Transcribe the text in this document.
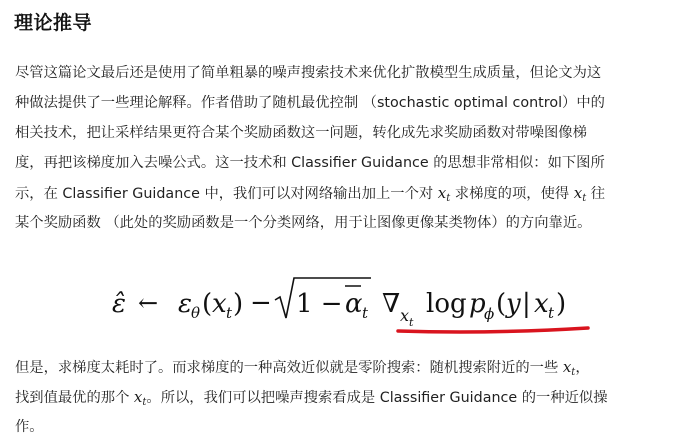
理论推导
尽管这篇论文最后还是使用了简单粗暴的噪声搜索技术来优化扩散模型生成质量，但论文为这
种做法提供了一些理论解释。作者借助了随机最优控制 （stochastic optimal control）中的
相关技术，把让采样结果更符合某个奖励函数这一问题，转化成先求奖励函数对带噪图像梯
度，再把该梯度加入去噪公式。这一技术和 Classifier Guidance 的思想非常相似：如下图所
示，在 Classifier Guidance 中，我们可以对网络输出加上一个对 $x_t$ 求梯度的项，使得 $x_t$ 往
某个奖励函数 （此处的奖励函数是一个分类网络，用于让图像更像某类物体）的方向靠近。
ε̂ ← ε θ ( x t ) − 1 − α t ∇ x t
log p
ϕ ( y | x t )
但是，求梯度太耗时了。而求梯度的一种高效近似就是零阶搜索：随机搜索附近的一些 $x_t$，
找到值最优的那个 $x_t$。所以，我们可以把噪声搜索看成是 Classifier Guidance 的一种近似操
作。
